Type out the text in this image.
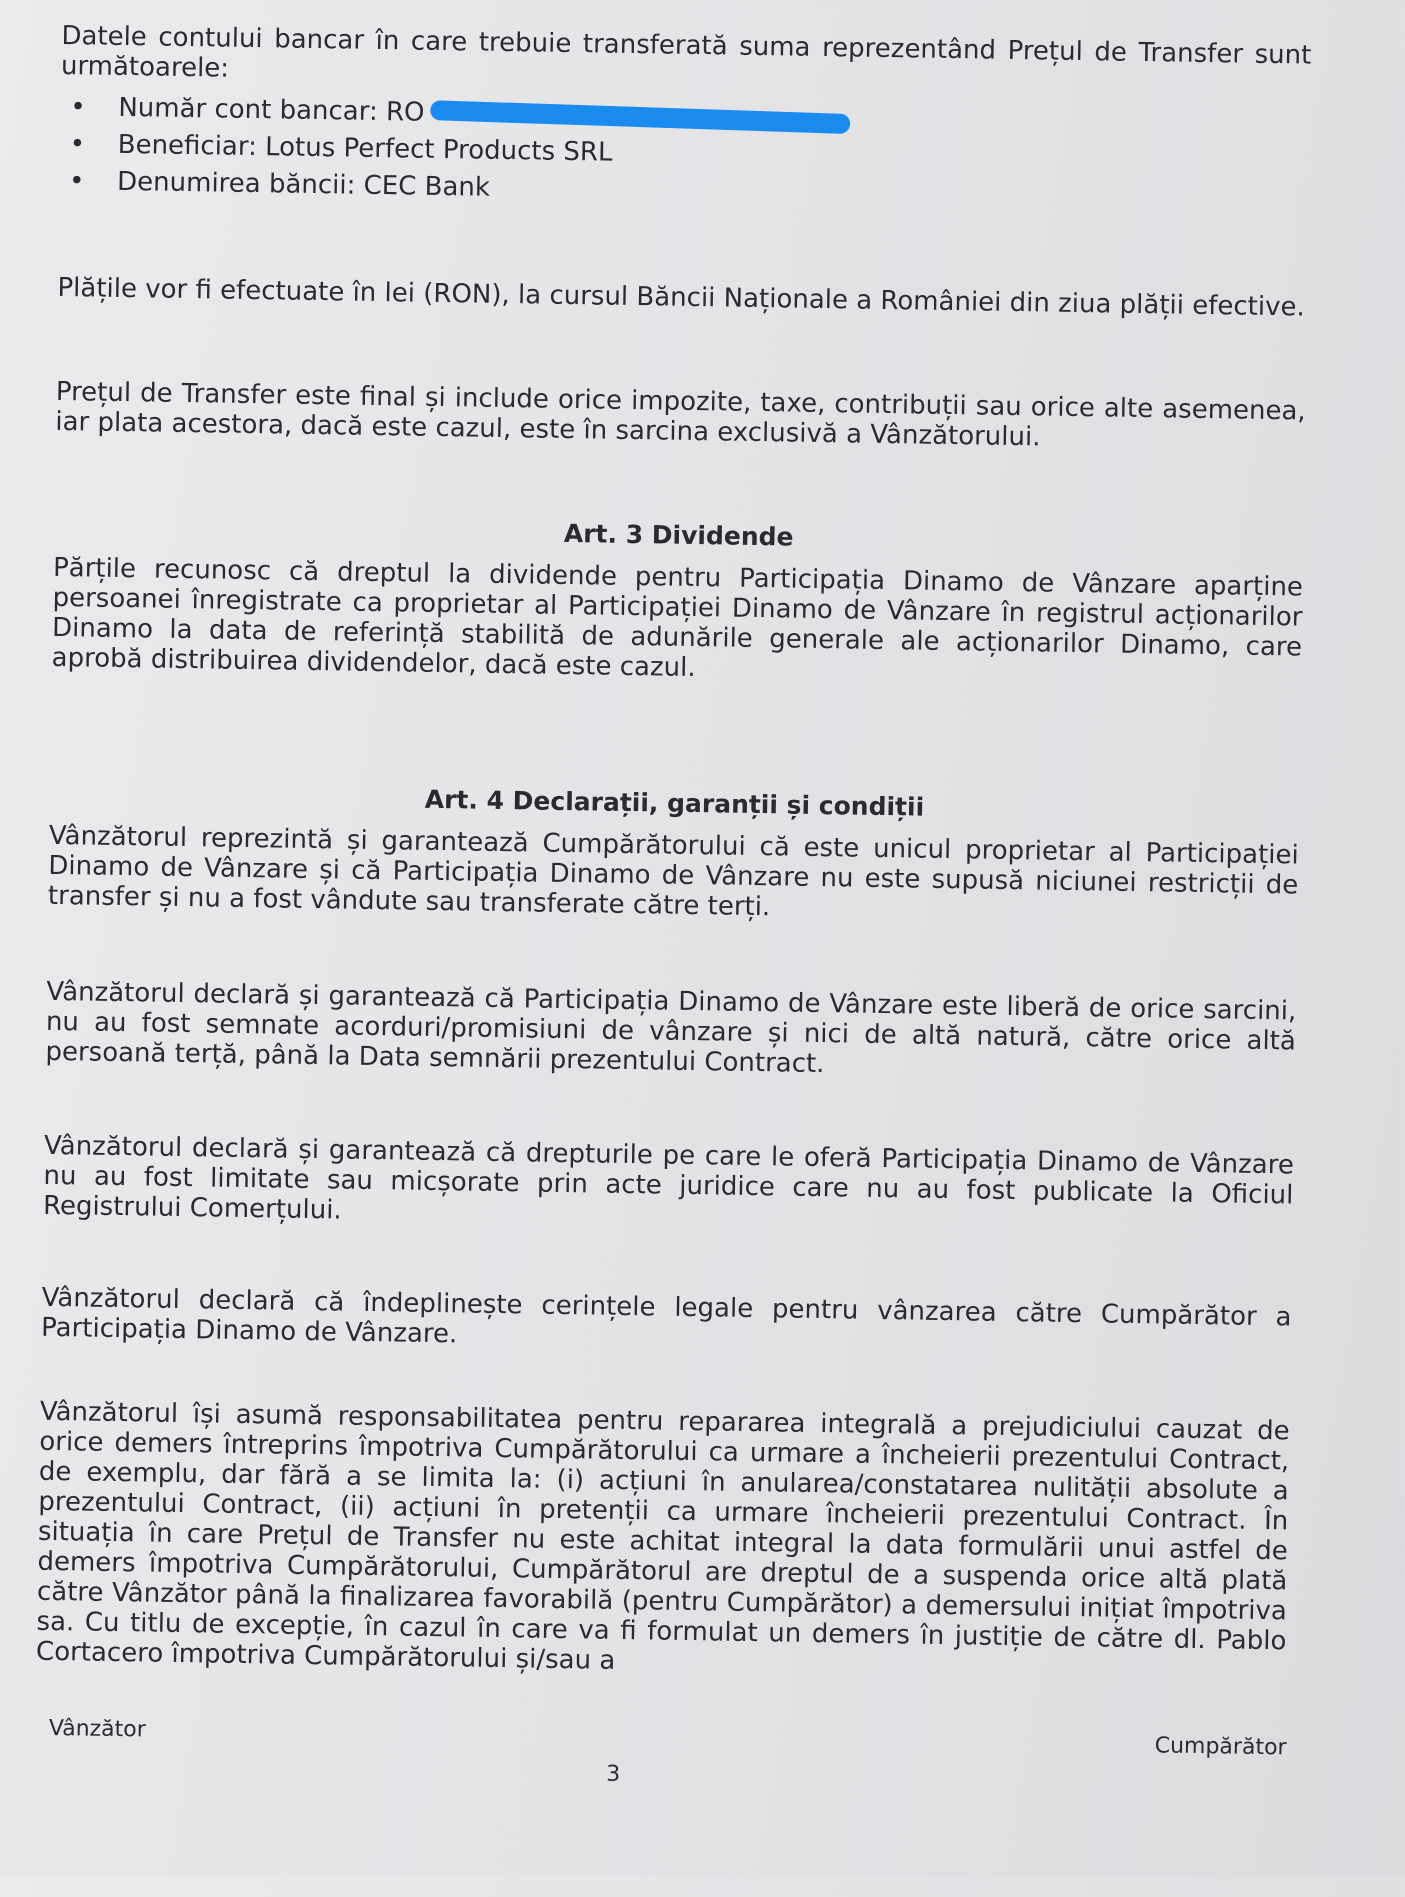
Datele contului bancar în care trebuie transferată suma reprezentând Prețul de Transfer sunt următoarele:
• Număr cont bancar: RO
• Beneficiar: Lotus Perfect Products SRL
• Denumirea băncii: CEC Bank
Plățile vor fi efectuate în lei (RON), la cursul Băncii Naționale a României din ziua plății efective.
Prețul de Transfer este final și include orice impozite, taxe, contribuții sau orice alte asemenea, iar plata acestora, dacă este cazul, este în sarcina exclusivă a Vânzătorului.
Art. 3 Dividende
Părțile recunosc că dreptul la dividende pentru Participația Dinamo de Vânzare aparține persoanei înregistrate ca proprietar al Participației Dinamo de Vânzare în registrul acționarilor Dinamo la data de referință stabilită de adunările generale ale acționarilor Dinamo, care aprobă distribuirea dividendelor, dacă este cazul.
Art. 4 Declarații, garanții și condiții
Vânzătorul reprezintă și garantează Cumpărătorului că este unicul proprietar al Participației Dinamo de Vânzare și că Participația Dinamo de Vânzare nu este supusă niciunei restricții de transfer și nu a fost vândute sau transferate către terți.
Vânzătorul declară și garantează că Participația Dinamo de Vânzare este liberă de orice sarcini, nu au fost semnate acorduri/promisiuni de vânzare și nici de altă natură, către orice altă persoană terță, până la Data semnării prezentului Contract.
Vânzătorul declară și garantează că drepturile pe care le oferă Participația Dinamo de Vânzare nu au fost limitate sau micșorate prin acte juridice care nu au fost publicate la Oficiul Registrului Comerțului.
Vânzătorul declară că îndeplinește cerințele legale pentru vânzarea către Cumpărător a Participația Dinamo de Vânzare.
Vânzătorul își asumă responsabilitatea pentru repararea integrală a prejudiciului cauzat de orice demers întreprins împotriva Cumpărătorului ca urmare a încheierii prezentului Contract, de exemplu, dar fără a se limita la: (i) acțiuni în anularea/constatarea nulității absolute a prezentului Contract, (ii) acțiuni în pretenții ca urmare încheierii prezentului Contract. În situația în care Prețul de Transfer nu este achitat integral la data formulării unui astfel de demers împotriva Cumpărătorului, Cumpărătorul are dreptul de a suspenda orice altă plată către Vânzător până la finalizarea favorabilă (pentru Cumpărător) a demersului inițiat împotriva sa. Cu titlu de excepție, în cazul în care va fi formulat un demers în justiție de către dl. Pablo Cortacero împotriva Cumpărătorului și/sau a
Vânzător
Cumpărător
3
